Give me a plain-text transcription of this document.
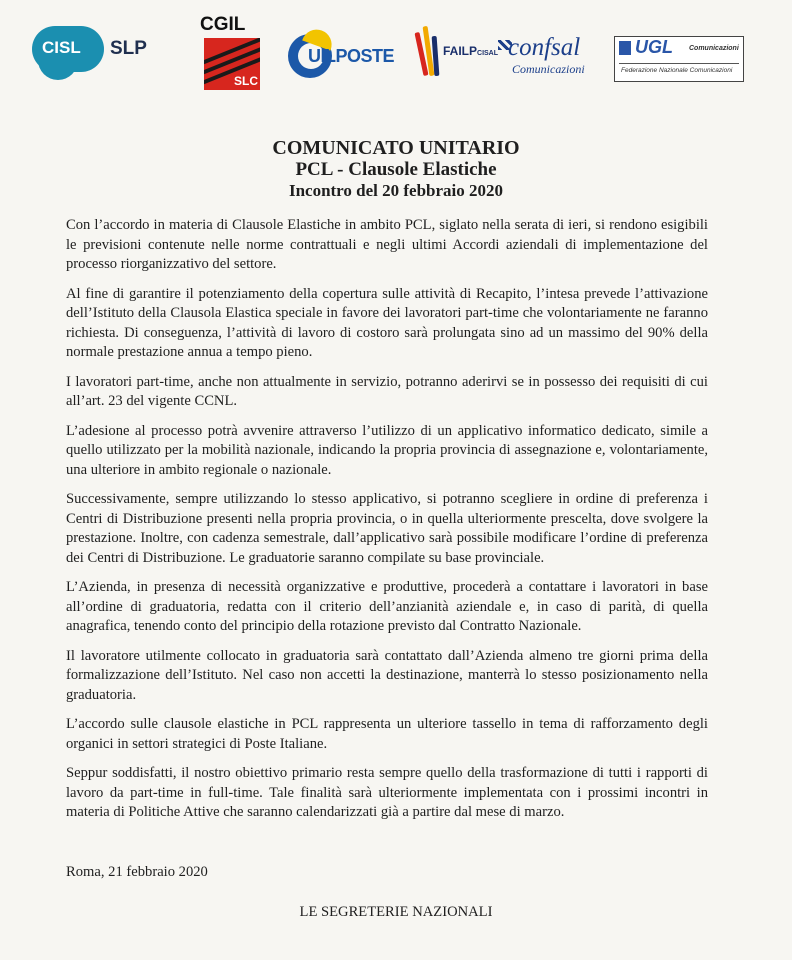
CISL SLP
CGIL
SLC
UILPOSTE	FAILPCISAL confsal
Comunicazioni
UGL Comunicazioni
Federazione Nazionale Comunicazioni
COMUNICATO UNITARIO
PCL - Clausole Elastiche
Incontro del 20 febbraio 2020

Con l’accordo in materia di Clausole Elastiche in ambito PCL, siglato nella serata di ieri, si rendono esigibili le previsioni contenute nelle norme contrattuali e negli ultimi Accordi aziendali di implementazione del processo riorganizzativo del settore.

Al fine di garantire il potenziamento della copertura sulle attività di Recapito, l’intesa prevede l’attivazione dell’Istituto della Clausola Elastica speciale in favore dei lavoratori part-time che volontariamente ne faranno richiesta. Di conseguenza, l’attività di lavoro di costoro sarà prolungata sino ad un massimo del 90% della normale prestazione annua a tempo pieno.

I lavoratori part-time, anche non attualmente in servizio, potranno aderirvi se in possesso dei requisiti di cui all’art. 23 del vigente CCNL.

L’adesione al processo potrà avvenire attraverso l’utilizzo di un applicativo informatico dedicato, simile a quello utilizzato per la mobilità nazionale, indicando la propria provincia di assegnazione e, volontariamente, una ulteriore in ambito regionale o nazionale.

Successivamente, sempre utilizzando lo stesso applicativo, si potranno scegliere in ordine di preferenza i Centri di Distribuzione presenti nella propria provincia, o in quella ulteriormente prescelta, dove svolgere la prestazione. Inoltre, con cadenza semestrale, dall’applicativo sarà possibile modificare l’ordine di preferenza dei Centri di Distribuzione. Le graduatorie saranno compilate su base provinciale.

L’Azienda, in presenza di necessità organizzative e produttive, procederà a contattare i lavoratori in base all’ordine di graduatoria, redatta con il criterio dell’anzianità aziendale e, in caso di parità, di quella anagrafica, tenendo conto del principio della rotazione previsto dal Contratto Nazionale.

Il lavoratore utilmente collocato in graduatoria sarà contattato dall’Azienda almeno tre giorni prima della formalizzazione dell’Istituto. Nel caso non accetti la destinazione, manterrà lo stesso posizionamento nella graduatoria.

L’accordo sulle clausole elastiche in PCL rappresenta un ulteriore tassello in tema di rafforzamento degli organici in settori strategici di Poste Italiane.

Seppur soddisfatti, il nostro obiettivo primario resta sempre quello della trasformazione di tutti i rapporti di lavoro da part-time in full-time. Tale finalità sarà ulteriormente implementata con i prossimi incontri in materia di Politiche Attive che saranno calendarizzati già a partire dal mese di marzo.

Roma, 21 febbraio 2020
LE SEGRETERIE NAZIONALI
